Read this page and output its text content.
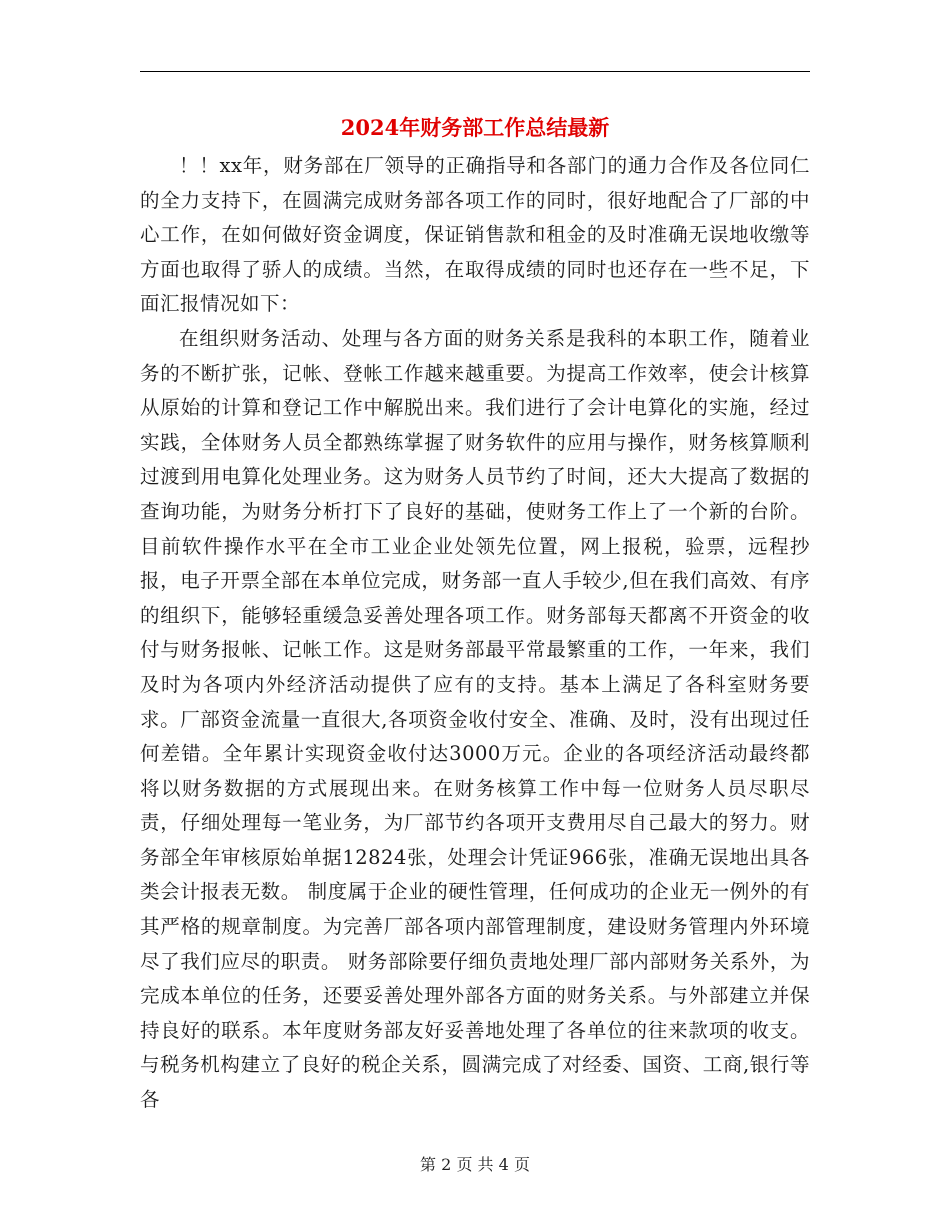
2024年财务部工作总结最新

！！xx年，财务部在厂领导的正确指导和各部门的通力合作及各位同仁的全力支持下，在圆满完成财务部各项工作的同时，很好地配合了厂部的中心工作，在如何做好资金调度，保证销售款和租金的及时准确无误地收缴等方面也取得了骄人的成绩。当然，在取得成绩的同时也还存在一些不足，下面汇报情况如下：

在组织财务活动、处理与各方面的财务关系是我科的本职工作，随着业务的不断扩张，记帐、登帐工作越来越重要。为提高工作效率，使会计核算从原始的计算和登记工作中解脱出来。我们进行了会计电算化的实施，经过实践，全体财务人员全都熟练掌握了财务软件的应用与操作，财务核算顺利过渡到用电算化处理业务。这为财务人员节约了时间，还大大提高了数据的查询功能，为财务分析打下了良好的基础，使财务工作上了一个新的台阶。目前软件操作水平在全市工业企业处领先位置，网上报税，验票，远程抄报，电子开票全部在本单位完成，财务部一直人手较少,但在我们高效、有序的组织下，能够轻重缓急妥善处理各项工作。财务部每天都离不开资金的收付与财务报帐、记帐工作。这是财务部最平常最繁重的工作，一年来，我们及时为各项内外经济活动提供了应有的支持。基本上满足了各科室财务要求。厂部资金流量一直很大,各项资金收付安全、准确、及时，没有出现过任何差错。全年累计实现资金收付达3000万元。企业的各项经济活动最终都将以财务数据的方式展现出来。在财务核算工作中每一位财务人员尽职尽责，仔细处理每一笔业务，为厂部节约各项开支费用尽自己最大的努力。财务部全年审核原始单据12824张，处理会计凭证966张，准确无误地出具各类会计报表无数。 制度属于企业的硬性管理，任何成功的企业无一例外的有其严格的规章制度。为完善厂部各项内部管理制度，建设财务管理内外环境尽了我们应尽的职责。 财务部除要仔细负责地处理厂部内部财务关系外，为完成本单位的任务，还要妥善处理外部各方面的财务关系。与外部建立并保持良好的联系。本年度财务部友好妥善地处理了各单位的往来款项的收支。与税务机构建立了良好的税企关系，圆满完成了对经委、国资、工商,银行等各

第 2 页 共 4 页
